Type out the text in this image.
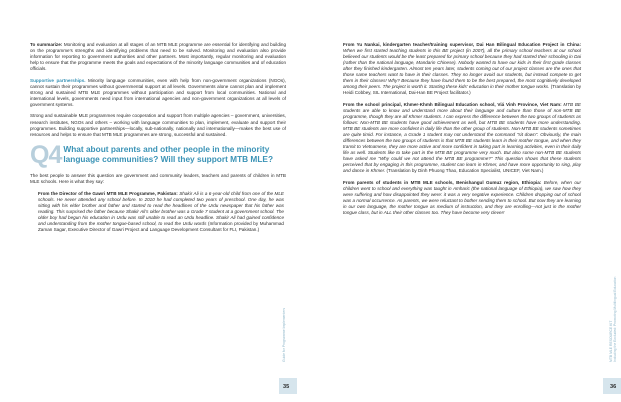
To summarize: Monitoring and evaluation at all stages of an MTB MLE programme are essential for identifying and building on the programme's strengths and identifying problems that need to be solved. Monitoring and evaluation also provide information for reporting to government authorities and other partners. Most importantly, regular monitoring and evaluation help to ensure that the programme meets the goals and expectations of the minority language communities and of education officials.

Supportive partnerships. Minority language communities, even with help from non-government organizations (NGOs), cannot sustain their programmes without governmental support at all levels. Governments alone cannot plan and implement strong and sustained MTB MLE programmes without participation and support from local communities. National and international levels, governments need input from international agencies and non-government organizations at all levels of government systems.

Strong and sustainable MLE programmes require cooperation and support from multiple agencies – government, universities, research institutes, NGOs and others – working with language communities to plan, implement, evaluate and support their programmes. Building supportive partnerships—locally, sub-nationally, nationally and internationally—makes the best use of resources and helps to ensure that MTB MLE programmes are strong, successful and sustained.

Q4 What about parents and other people in the minority language communities? Will they support MTB MLE?

The best people to answer this question are government and community leaders, teachers and parents of children in MTB MLE schools. Here is what they say:

From the Director of the Gawri MTB MLE Programme, Pakistan: Shakir Ali is a 6-year-old child from one of the MLE schools. He never attended any school before. In 2010 he had completed two years of preschool. One day, he was sitting with his elder brother and father and started to read the headlines of the Urdu newspaper that his father was reading. This surprised the father because Shakir Ali's older brother was a Grade 7 student at a government school. The older boy had begun his education in Urdu was still unable to read an Urdu headline. Shakir Ali had gained confidence and understanding from the mother tongue-based school, to read the Urdu words (Information provided by Muhammad Zaman Sagar, Executive Director of Gawri Project and Language Development Consultant for FLI, Pakistan.)

Guide for Programme Implementers
35
MTB MLE RESOURCE KIT
Including the Excluded: Promoting Multilingual Education
36

From Yu Nankai, kindergarten teacher/training supervisor, Dai Han Bilingual Education Project in China: When we first started teaching students in this BE project (in 2007), all the primary school teachers at our school believed our students would be the least prepared for primary school because they had started their schooling in Dai (rather than the national language, Mandarin Chinese). Nobody wanted to have our kids in their first grade classes after they finished kindergarten. Almost ten years later, students coming out of our project classes are the ones that those same teachers want to have in their classes. They no longer avoid our students, but instead compete to get them in their classes! Why? Because they have found them to be the best prepared, the most cognitively developed among their peers. The project is worth it. Starting these kids' education in their mother tongue works. (Translation by Heidi Cobbey, SIL International, Dai-Han BE Project facilitator.)

From the school principal, Khmer-Khmh Bilingual Education school, Viá Vinh Province, Viet Nam: MTB BE students are able to know and understand more about their language and culture than those of non-MTB BE programme, though they are all Khmer students. I can express the difference between the two groups of students as follows: Non-MTB BE students have good achievement as well, but MTB BE students have more understanding. MTB BE students are more confident in daily life than the other group of students. Non-MTB BE students sometimes are quite timid. For instance, a Grade 1 student may not understand the command "sit down". Obviously, the main differences between the two groups of students is that MTB BE students learn in their mother tongue, and when they transit to Vietnamese, they are more active and more confident in taking part in learning activities, even in their daily life as well. Students like to take part in the MTB BE programme very much. But also some non-MTB BE students have asked me "Why could we not attend the MTB BE programme?" This question shows that these students perceived that by engaging in this programme, student can learn in Khmer, and have more opportunity to sing, play and dance in Khmer. (Translation by Dinh Phuong Thao, Education Specialist, UNICEF, Viet Nam.)

From parents of students in MTB MLE schools, Benishangul Gumuz region, Ethiopia: Before, when our children went to school and everything was taught in Amharic (the national language of Ethiopia), we saw how they were suffering and how disappointed they were: it was a very negative experience. Children dropping out of school was a normal occurrence. As parents, we were reluctant to bother sending them to school. But now they are learning in our own language, the mother tongue as medium of instruction, and they are enrolling—not just in the mother tongue class, but in ALL their other classes too. They have become very clever!
